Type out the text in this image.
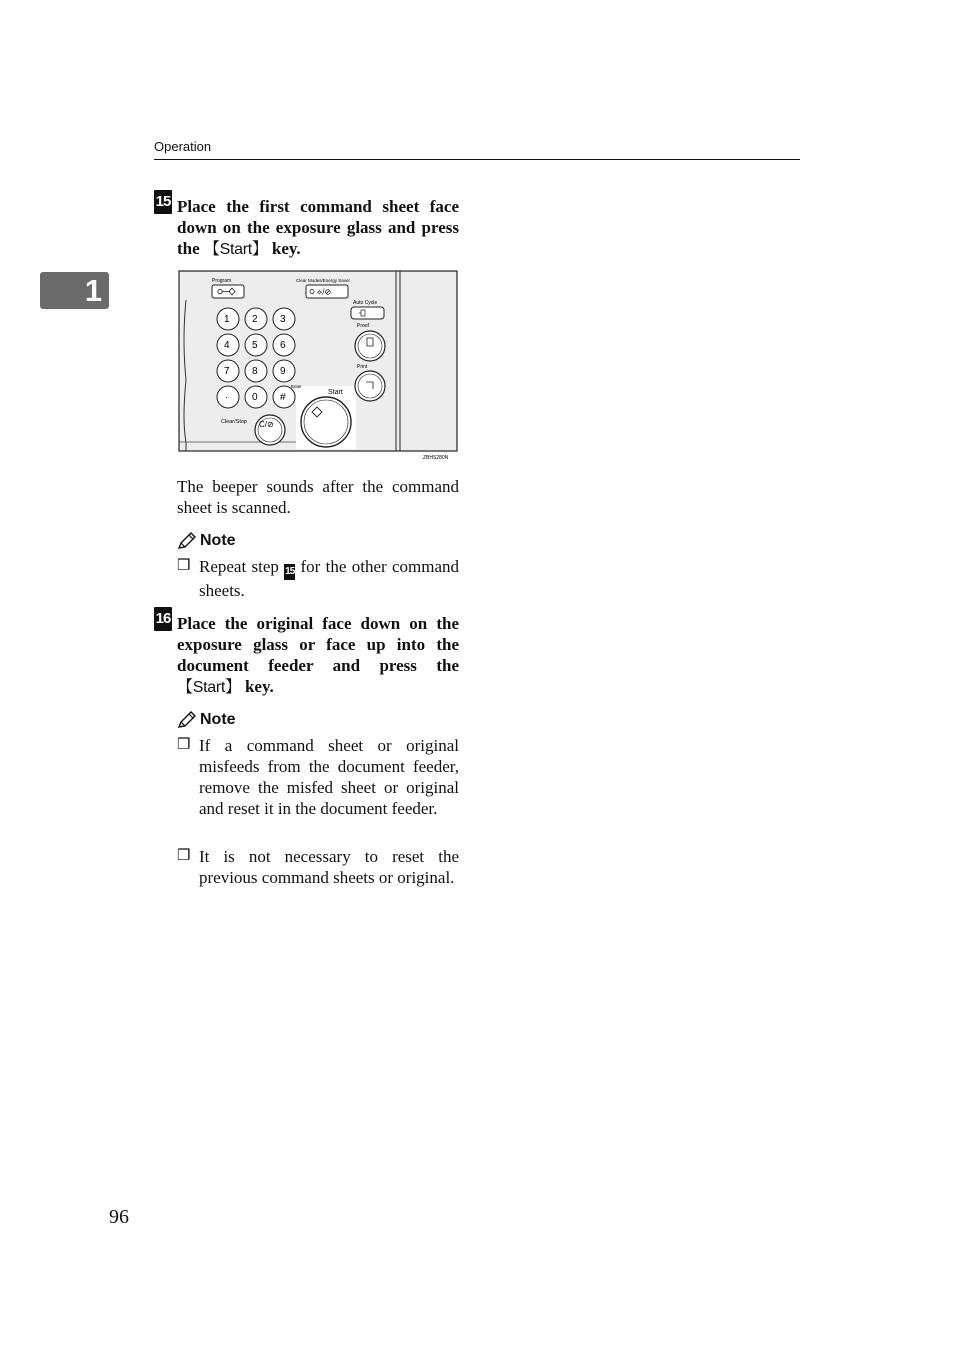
Operation
1
15 Place the first command sheet face down on the exposure glass and press the 【Start】 key.
Program	Clear Modes/Energy Saver
⟡/⊘
Auto Cycle
Proof
Print
1 2 3
4 5 6
7 8 9
· 0 #
Enter
Start
Clear/Stop C/⊘
ZBHS280N
The beeper sounds after the command sheet is scanned.
Note
❒ Repeat step 15 for the other command sheets.
16 Place the original face down on the exposure glass or face up into the document feeder and press the 【Start】 key.
Note
❒ If a command sheet or original misfeeds from the document feeder, remove the misfed sheet or original and reset it in the document feeder.
❒ It is not necessary to reset the previous command sheets or original.
96
